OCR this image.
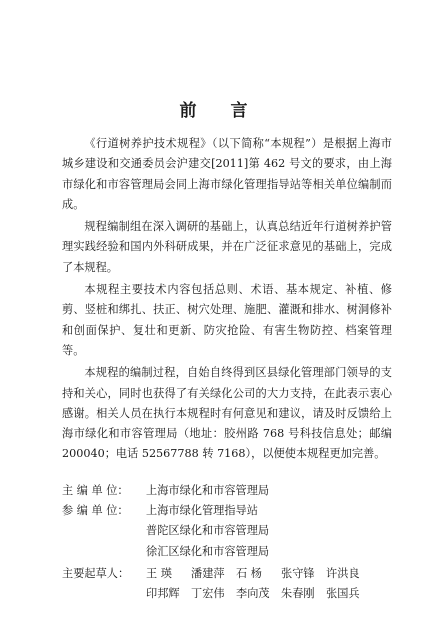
前 言

《行道树养护技术规程》（以下简称“本规程”）是根据上海市城乡建设和交通委员会沪建交[2011]第 462 号文的要求，由上海市绿化和市容管理局会同上海市绿化管理指导站等相关单位编制而成。

规程编制组在深入调研的基础上，认真总结近年行道树养护管理实践经验和国内外科研成果，并在广泛征求意见的基础上，完成了本规程。

本规程主要技术内容包括总则、术语、基本规定、补植、修剪、竖桩和绑扎、扶正、树穴处理、施肥、灌溉和排水、树洞修补和创面保护、复壮和更新、防灾抢险、有害生物防控、档案管理等。

本规程的编制过程，自始自终得到区县绿化管理部门领导的支持和关心，同时也获得了有关绿化公司的大力支持，在此表示衷心感谢。相关人员在执行本规程时有何意见和建议，请及时反馈给上海市绿化和市容管理局（地址：胶州路 768 号科技信息处；邮编 200040；电话 52567788 转 7168），以便使本规程更加完善。

主 编 单 位：	上海市绿化和市容管理局
参 编 单 位：	上海市绿化管理指导站
普陀区绿化和市容管理局
徐汇区绿化和市容管理局
主要起草人：	王 瑛	潘建萍	石 杨	张守锋	许洪良
印邦辉	丁宏伟	李向茂	朱春刚	张国兵
